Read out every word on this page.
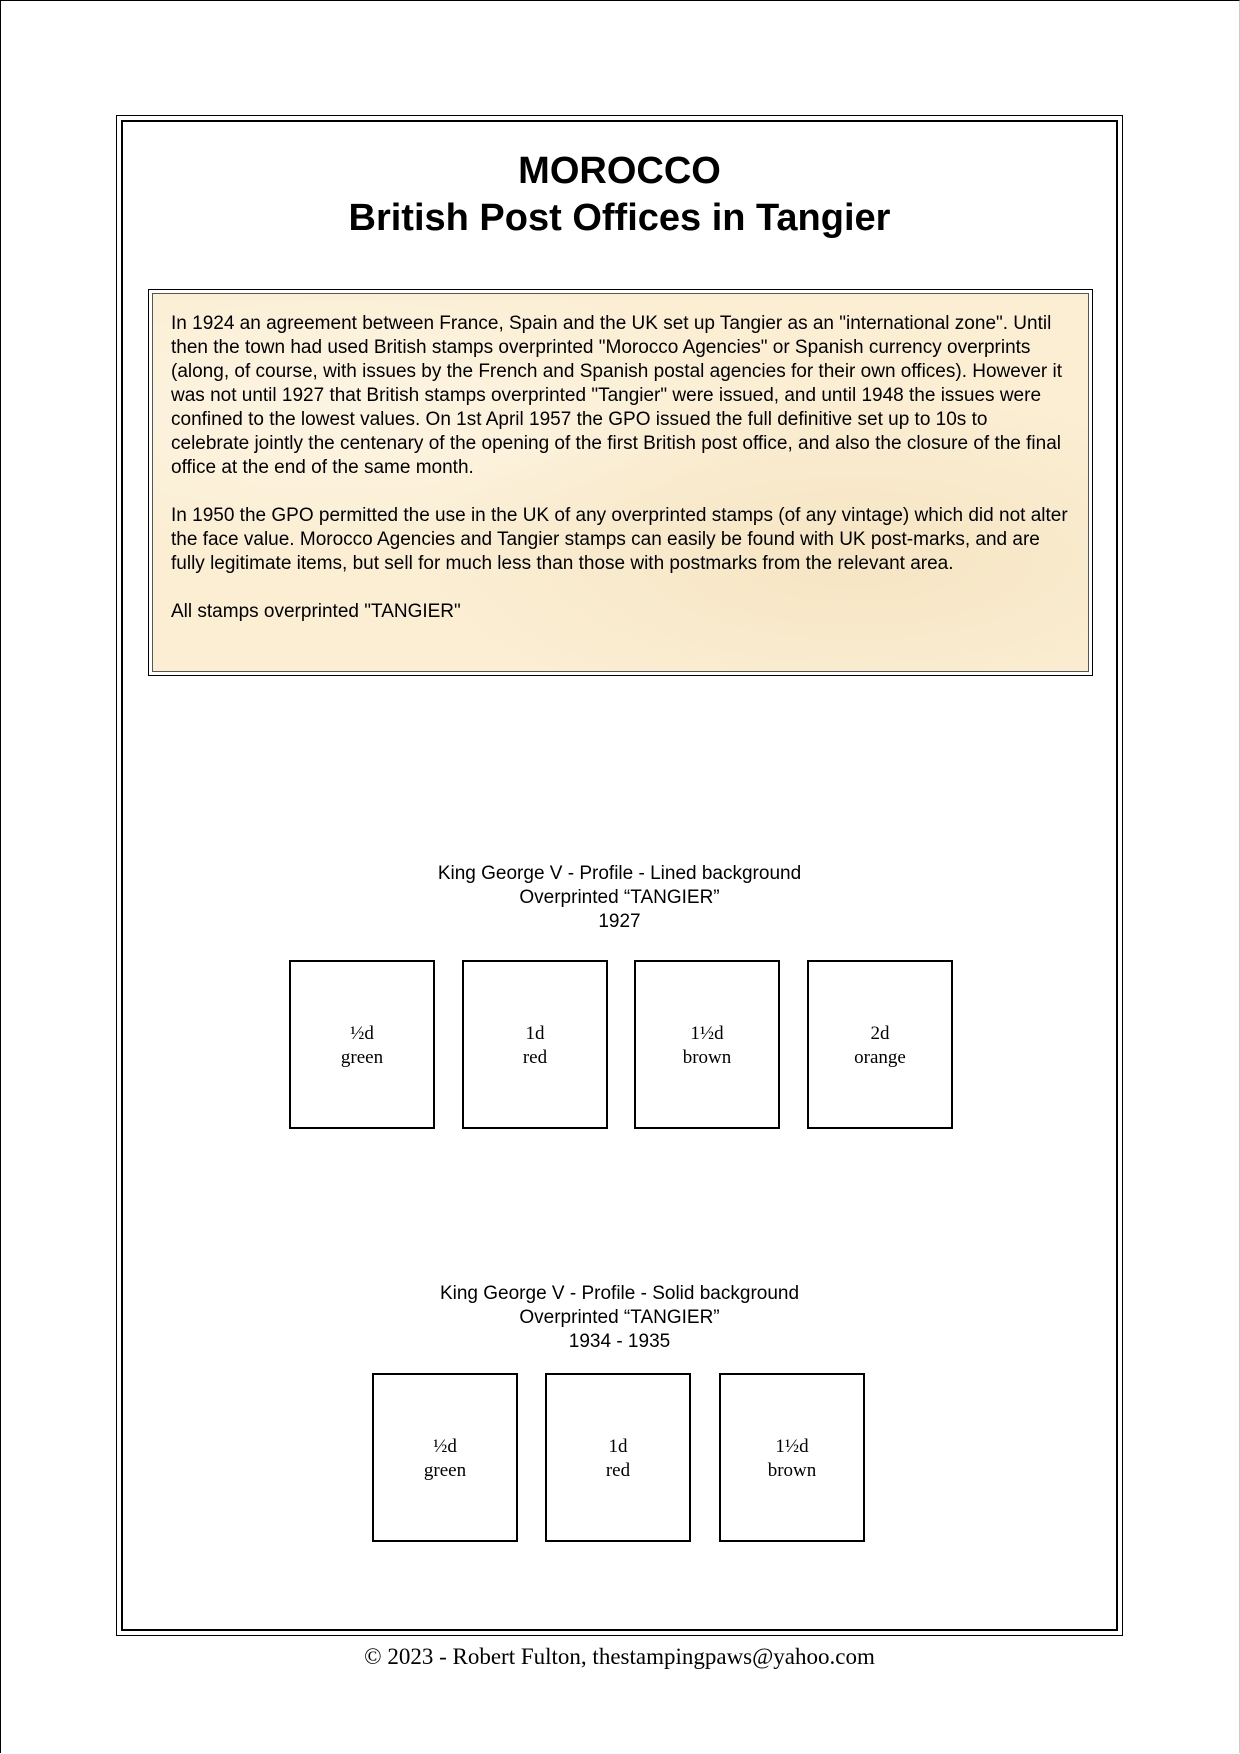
MOROCCO
British Post Offices in Tangier

In 1924 an agreement between France, Spain and the UK set up Tangier as an "international zone". Until then the town had used British stamps overprinted "Morocco Agencies" or Spanish currency overprints (along, of course, with issues by the French and Spanish postal agencies for their own offices). However it was not until 1927 that British stamps overprinted "Tangier" were issued, and until 1948 the issues were confined to the lowest values. On 1st April 1957 the GPO issued the full definitive set up to 10s to celebrate jointly the centenary of the opening of the first British post office, and also the closure of the final office at the end of the same month.

In 1950 the GPO permitted the use in the UK of any overprinted stamps (of any vintage) which did not alter the face value. Morocco Agencies and Tangier stamps can easily be found with UK post-marks, and are fully legitimate items, but sell for much less than those with postmarks from the relevant area.

All stamps overprinted "TANGIER"

King George V - Profile - Lined background
Overprinted “TANGIER”
1927
½d
green
1d
red
1½d
brown
2d
orange
King George V - Profile - Solid background
Overprinted “TANGIER”
1934 - 1935
½d
green
1d
red
1½d
brown
© 2023 - Robert Fulton, thestampingpaws@yahoo.com
